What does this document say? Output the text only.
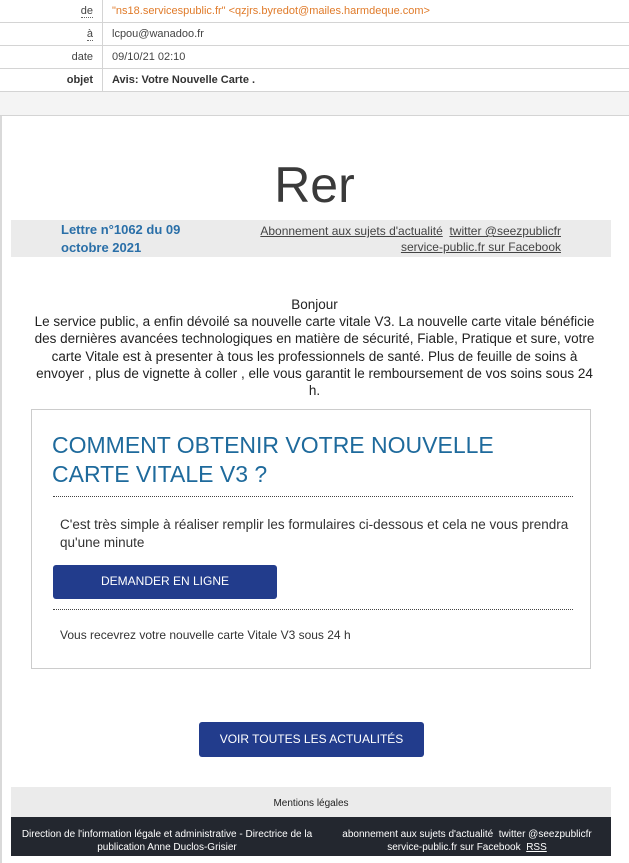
de	"ns18.servicespublic.fr" <qzjrs.byredot@mailes.harmdeque.com>
à	lcpou@wanadoo.fr
date	09/10/21 02:10
objet	Avis: Votre Nouvelle Carte .
Rer
Lettre n°1062 du 09 octobre 2021
Abonnement aux sujets d'actualité twitter @seezpublicfr
service-public.fr sur Facebook
Bonjour
Le service public, a enfin dévoilé sa nouvelle carte vitale V3. La nouvelle carte vitale bénéficie des dernières avancées technologiques en matière de sécurité, Fiable, Pratique et sure, votre carte Vitale est à presenter à tous les professionnels de santé. Plus de feuille de soins à envoyer , plus de vignette à coller , elle vous garantit le remboursement de vos soins sous 24 h.
COMMENT OBTENIR VOTRE NOUVELLE CARTE VITALE V3 ?
C'est très simple à réaliser remplir les formulaires ci-dessous et cela ne vous prendra qu'une minute
DEMANDER EN LIGNE
Vous recevrez votre nouvelle carte Vitale V3 sous 24 h
VOIR TOUTES LES ACTUALITÉS
Mentions légales
Direction de l'information légale et administrative - Directrice de la publication Anne Duclos-Grisier
abonnement aux sujets d'actualité  twitter @seezpublicfr
service-public.fr sur Facebook RSS
